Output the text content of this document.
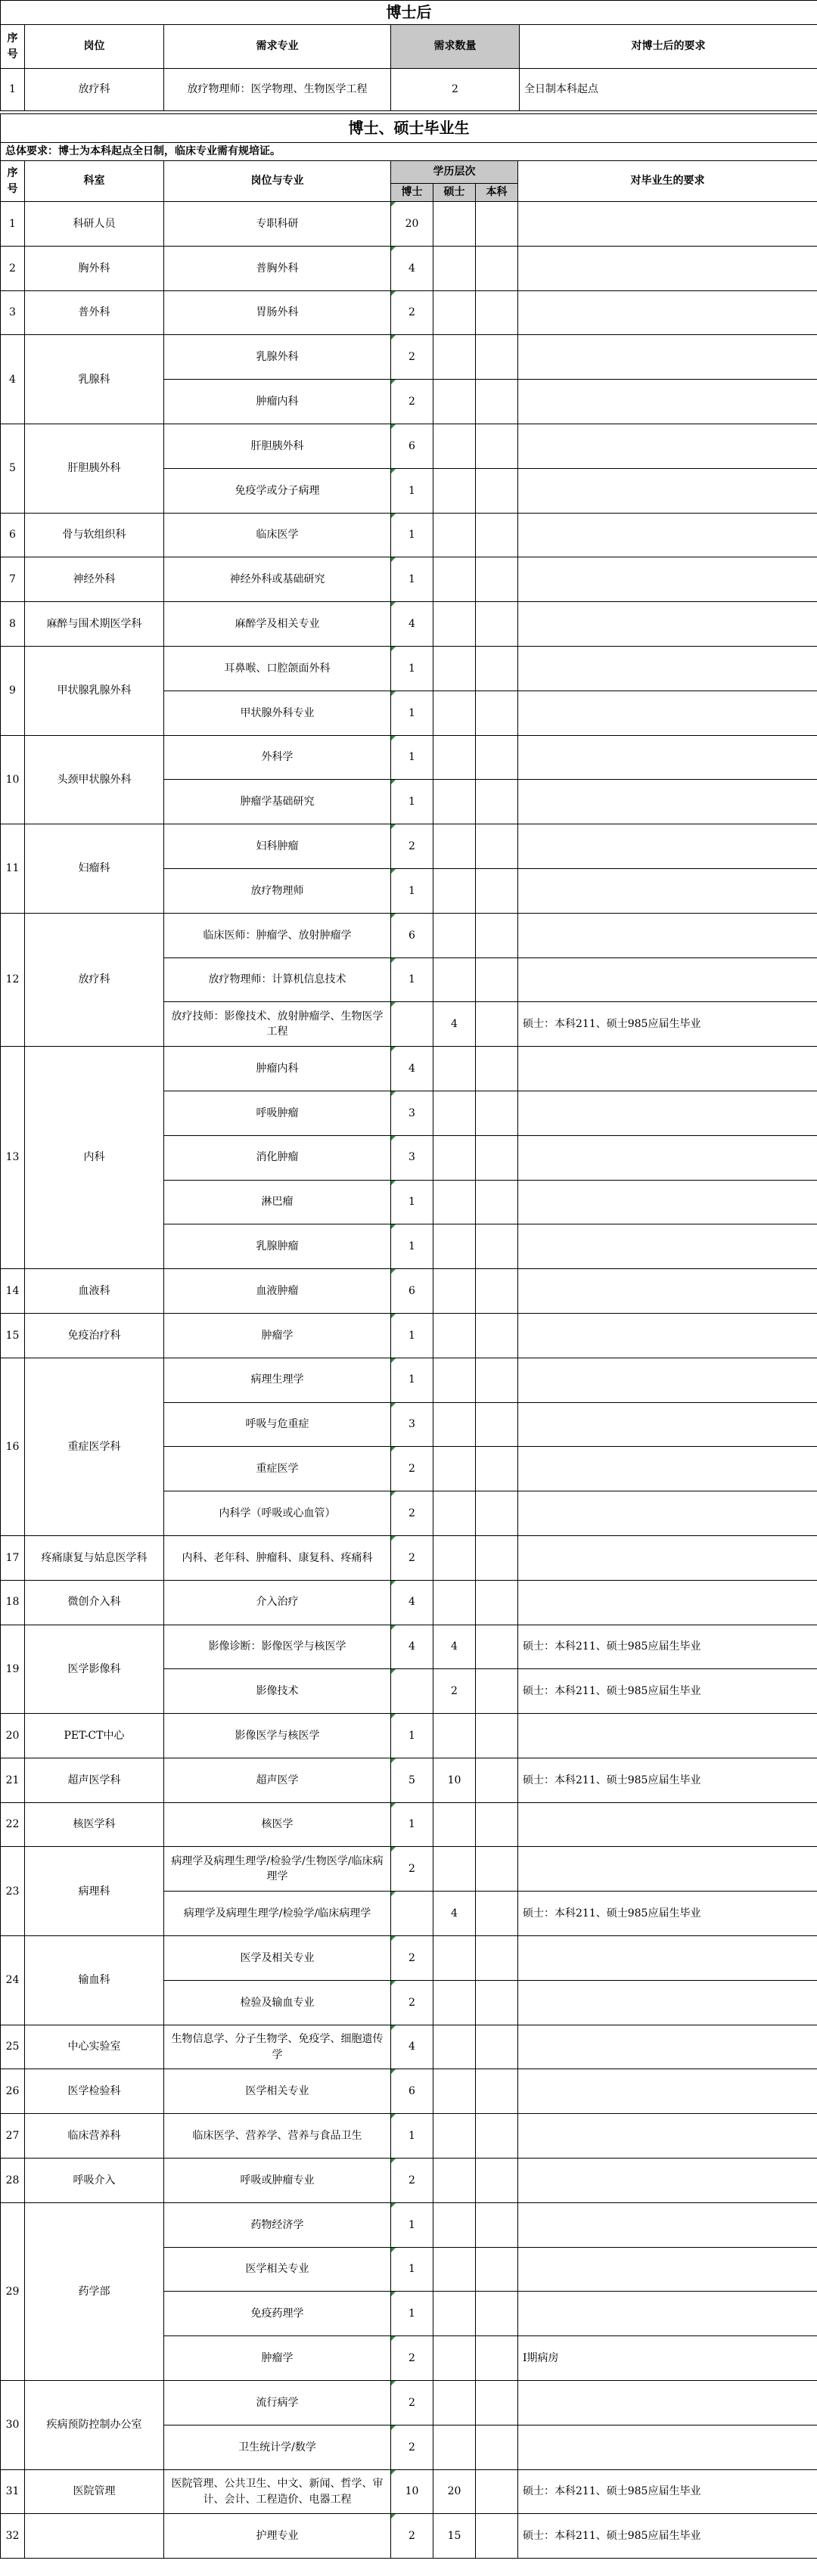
博士后				
序号	岗位	需求专业	需求数量	对博士后的要求
1	放疗科	放疗物理师：医学物理、生物医学工程	2	全日制本科起点
博士、硕士毕业生						
总体要求：博士为本科起点全日制，临床专业需有规培证。						
序号	科室	岗位与专业	学历层次			对毕业生的要求
			博士	硕士	本科	
1	科研人员	专职科研	20			
2	胸外科	普胸外科	4			
3	普外科	胃肠外科	2			
4	乳腺科	乳腺外科	2			
		肿瘤内科	2			
5	肝胆胰外科	肝胆胰外科	6			
		免疫学或分子病理	1			
6	骨与软组织科	临床医学	1			
7	神经外科	神经外科或基础研究	1			
8	麻醉与围术期医学科	麻醉学及相关专业	4			
9	甲状腺乳腺外科	耳鼻喉、口腔颌面外科	1			
		甲状腺外科专业	1			
10	头颈甲状腺外科	外科学	1			
		肿瘤学基础研究	1			
11	妇瘤科	妇科肿瘤	2			
		放疗物理师	1			
12	放疗科	临床医师：肿瘤学、放射肿瘤学	6			
		放疗物理师：计算机信息技术	1			
		放疗技师：影像技术、放射肿瘤学、生物医学工程		4		硕士：本科211、硕士985应届生毕业
13	内科	肿瘤内科	4			
		呼吸肿瘤	3			
		消化肿瘤	3			
		淋巴瘤	1			
		乳腺肿瘤	1			
14	血液科	血液肿瘤	6			
15	免疫治疗科	肿瘤学	1			
16	重症医学科	病理生理学	1			
		呼吸与危重症	3			
		重症医学	2			
		内科学（呼吸或心血管）	2			
17	疼痛康复与姑息医学科	内科、老年科、肿瘤科、康复科、疼痛科	2			
18	微创介入科	介入治疗	4			
19	医学影像科	影像诊断：影像医学与核医学	4	4		硕士：本科211、硕士985应届生毕业
		影像技术		2		硕士：本科211、硕士985应届生毕业
20	PET-CT中心	影像医学与核医学	1			
21	超声医学科	超声医学	5	10		硕士：本科211、硕士985应届生毕业
22	核医学科	核医学	1			
23	病理科	病理学及病理生理学/检验学/生物医学/临床病理学	2			
		病理学及病理生理学/检验学/临床病理学		4		硕士：本科211、硕士985应届生毕业
24	输血科	医学及相关专业	2			
		检验及输血专业	2			
25	中心实验室	生物信息学、分子生物学、免疫学、细胞遗传学	4			
26	医学检验科	医学相关专业	6			
27	临床营养科	临床医学、营养学、营养与食品卫生	1			
28	呼吸介入	呼吸或肿瘤专业	2			
29	药学部	药物经济学	1			
		医学相关专业	1			
		免疫药理学	1			
		肿瘤学	2			Ⅰ期病房
30	疾病预防控制办公室	流行病学	2			
		卫生统计学/数学	2			
31	医院管理	医院管理、公共卫生、中文、新闻、哲学、审计、会计、工程造价、电器工程	10	20		硕士：本科211、硕士985应届生毕业
32		护理专业	2	15		硕士：本科211、硕士985应届生毕业
